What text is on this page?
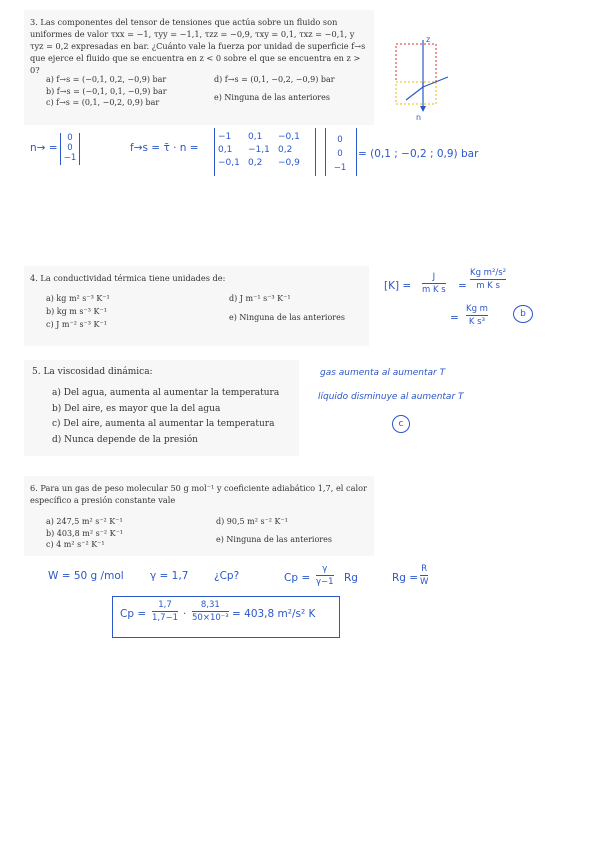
3. Las componentes del tensor de tensiones que actúa sobre un fluido son uniformes de valor τxx = −1, τyy = −1,1, τzz = −0,9, τxy = 0,1, τxz = −0,1, y τyz = 0,2 expresadas en bar. ¿Cuánto vale la fuerza por unidad de superficie f→s que ejerce el fluido que se encuentra en z < 0 sobre el que se encuentra en z > 0?

a) f→s = (−0,1, 0,2, −0,9) bar
b) f→s = (−0,1, 0,1, −0,9) bar
c) f→s = (0,1, −0,2, 0,9) bar
d) f→s = (0,1, −0,2, −0,9) bar
e) Ninguna de las anteriores
z
n
n→ =
0
0
−1
f→s = τ̄ · n =
−1	0,1	−0,1
0,1	−1,1 0,2
−0,1 0,2	−0,9
0
0
−1
= (0,1 ; −0,2 ; 0,9) bar

4. La conductividad térmica tiene unidades de:

a) kg m² s⁻³ K⁻¹
b) kg m s⁻³ K⁻¹
c) J m⁻² s⁻³ K⁻¹
d) J m⁻¹ s⁻³ K⁻¹
e) Ninguna de las anteriores
[K] =
J
m K s =
Kg m²/s²
m K s
=
Kg m
K s³
b

5. La viscosidad dinámica:

a) Del agua, aumenta al aumentar la temperatura
b) Del aire, es mayor que la del agua
c) Del aire, aumenta al aumentar la temperatura
d) Nunca depende de la presión
gas aumenta al aumentar T
líquido disminuye al aumentar T
c

6. Para un gas de peso molecular 50 g mol⁻¹ y coeficiente adiabático 1,7, el calor específico a presión constante vale

a) 247,5 m² s⁻² K⁻¹
b) 403,8 m² s⁻² K⁻¹
c) 4 m² s⁻² K⁻¹
d) 90,5 m² s⁻² K⁻¹
e) Ninguna de las anteriores
W = 50 g /mol	γ = 1,7 ¿Cp?	Cp =
γ
γ−1 Rg	Rg =
R
W
Cp =
1,7
1,7−1 ·
8,31
50×10⁻³ = 403,8 m²/s² K
